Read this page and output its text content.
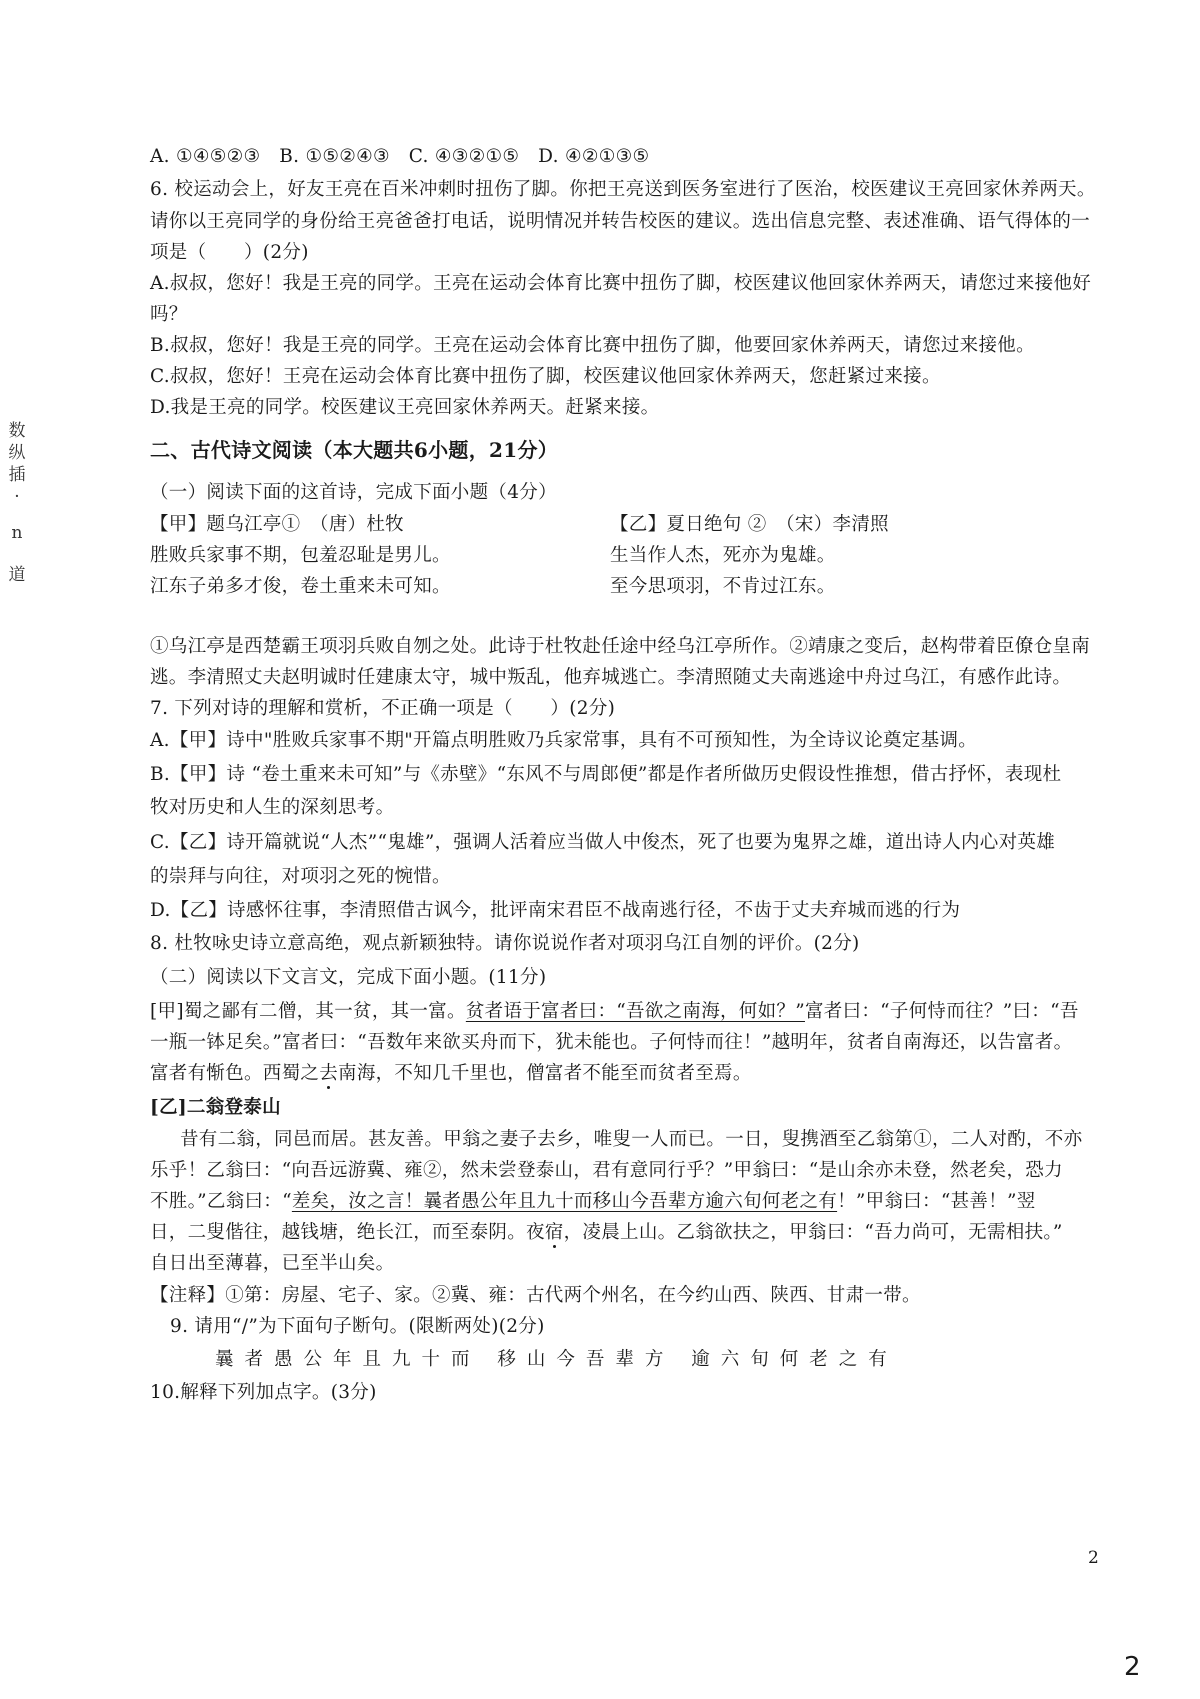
数
纵
插
·
n
道
A. ①④⑤②③　B. ①⑤②④③　C. ④③②①⑤　D. ④②①③⑤
6. 校运动会上，好友王亮在百米冲刺时扭伤了脚。你把王亮送到医务室进行了医治，校医建议王亮回家休养两天。
请你以王亮同学的身份给王亮爸爸打电话，说明情况并转告校医的建议。选出信息完整、表述准确、语气得体的一
项是（　　）(2分)
A.叔叔，您好！我是王亮的同学。王亮在运动会体育比赛中扭伤了脚，校医建议他回家休养两天，请您过来接他好
吗？
B.叔叔，您好！我是王亮的同学。王亮在运动会体育比赛中扭伤了脚，他要回家休养两天，请您过来接他。
C.叔叔，您好！王亮在运动会体育比赛中扭伤了脚，校医建议他回家休养两天，您赶紧过来接。
D.我是王亮的同学。校医建议王亮回家休养两天。赶紧来接。
二、古代诗文阅读（本大题共6小题，21分）
（一）阅读下面的这首诗，完成下面小题（4分）
【甲】题乌江亭①　（唐）杜牧	【乙】夏日绝句 ②　（宋）李清照
胜败兵家事不期，包羞忍耻是男儿。	生当作人杰，死亦为鬼雄。
江东子弟多才俊，卷土重来未可知。	至今思项羽，不肯过江东。
①乌江亭是西楚霸王项羽兵败自刎之处。此诗于杜牧赴任途中经乌江亭所作。②靖康之变后，赵构带着臣僚仓皇南
逃。李清照丈夫赵明诚时任建康太守，城中叛乱，他弃城逃亡。李清照随丈夫南逃途中舟过乌江，有感作此诗。
7. 下列对诗的理解和赏析，不正确一项是（　　）(2分)
A.【甲】诗中"胜败兵家事不期"开篇点明胜败乃兵家常事，具有不可预知性，为全诗议论奠定基调。
B.【甲】诗 “卷土重来未可知”与《赤壁》“东风不与周郎便”都是作者所做历史假设性推想，借古抒怀，表现杜
牧对历史和人生的深刻思考。
C.【乙】诗开篇就说“人杰”“鬼雄”，强调人活着应当做人中俊杰，死了也要为鬼界之雄，道出诗人内心对英雄
的崇拜与向往，对项羽之死的惋惜。
D.【乙】诗感怀往事，李清照借古讽今，批评南宋君臣不战南逃行径，不齿于丈夫弃城而逃的行为
8. 杜牧咏史诗立意高绝，观点新颖独特。请你说说作者对项羽乌江自刎的评价。(2分)
（二）阅读以下文言文，完成下面小题。(11分)
[甲]蜀之鄙有二僧，其一贫，其一富。贫者语于富者曰：“吾欲之南海，何如？”富者曰：“子何恃而往？”曰：“吾
一瓶一钵足矣。”富者曰：“吾数年来欲买舟而下，犹未能也。子何恃而往！”越明年，贫者自南海还，以告富者。
富者有惭色。西蜀之去南海，不知几千里也，僧富者不能至而贫者至焉。
[乙]二翁登泰山
昔有二翁，同邑而居。甚友善。甲翁之妻子去乡，唯叟一人而已。一日，叟携酒至乙翁第①，二人对酌，不亦
乐乎！乙翁曰：“向吾远游冀、雍②，然未尝登泰山，君有意同行乎？”甲翁曰：“是山余亦未登，然老矣，恐力
不胜。”乙翁曰：“差矣，汝之言！曩者愚公年且九十而移山今吾辈方逾六旬何老之有！”甲翁曰：“甚善！”翌
日，二叟偕往，越钱塘，绝长江，而至泰阴。夜宿，凌晨上山。乙翁欲扶之，甲翁曰：“吾力尚可，无需相扶。”
自日出至薄暮，已至半山矣。
【注释】①第：房屋、宅子、家。②冀、雍：古代两个州名，在今约山西、陕西、甘肃一带。
9. 请用“/”为下面句子断句。(限断两处)(2分)
曩者愚公年且九十而 移山今吾辈方 逾六旬何老之有
10.解释下列加点字。(3分)
2
2
